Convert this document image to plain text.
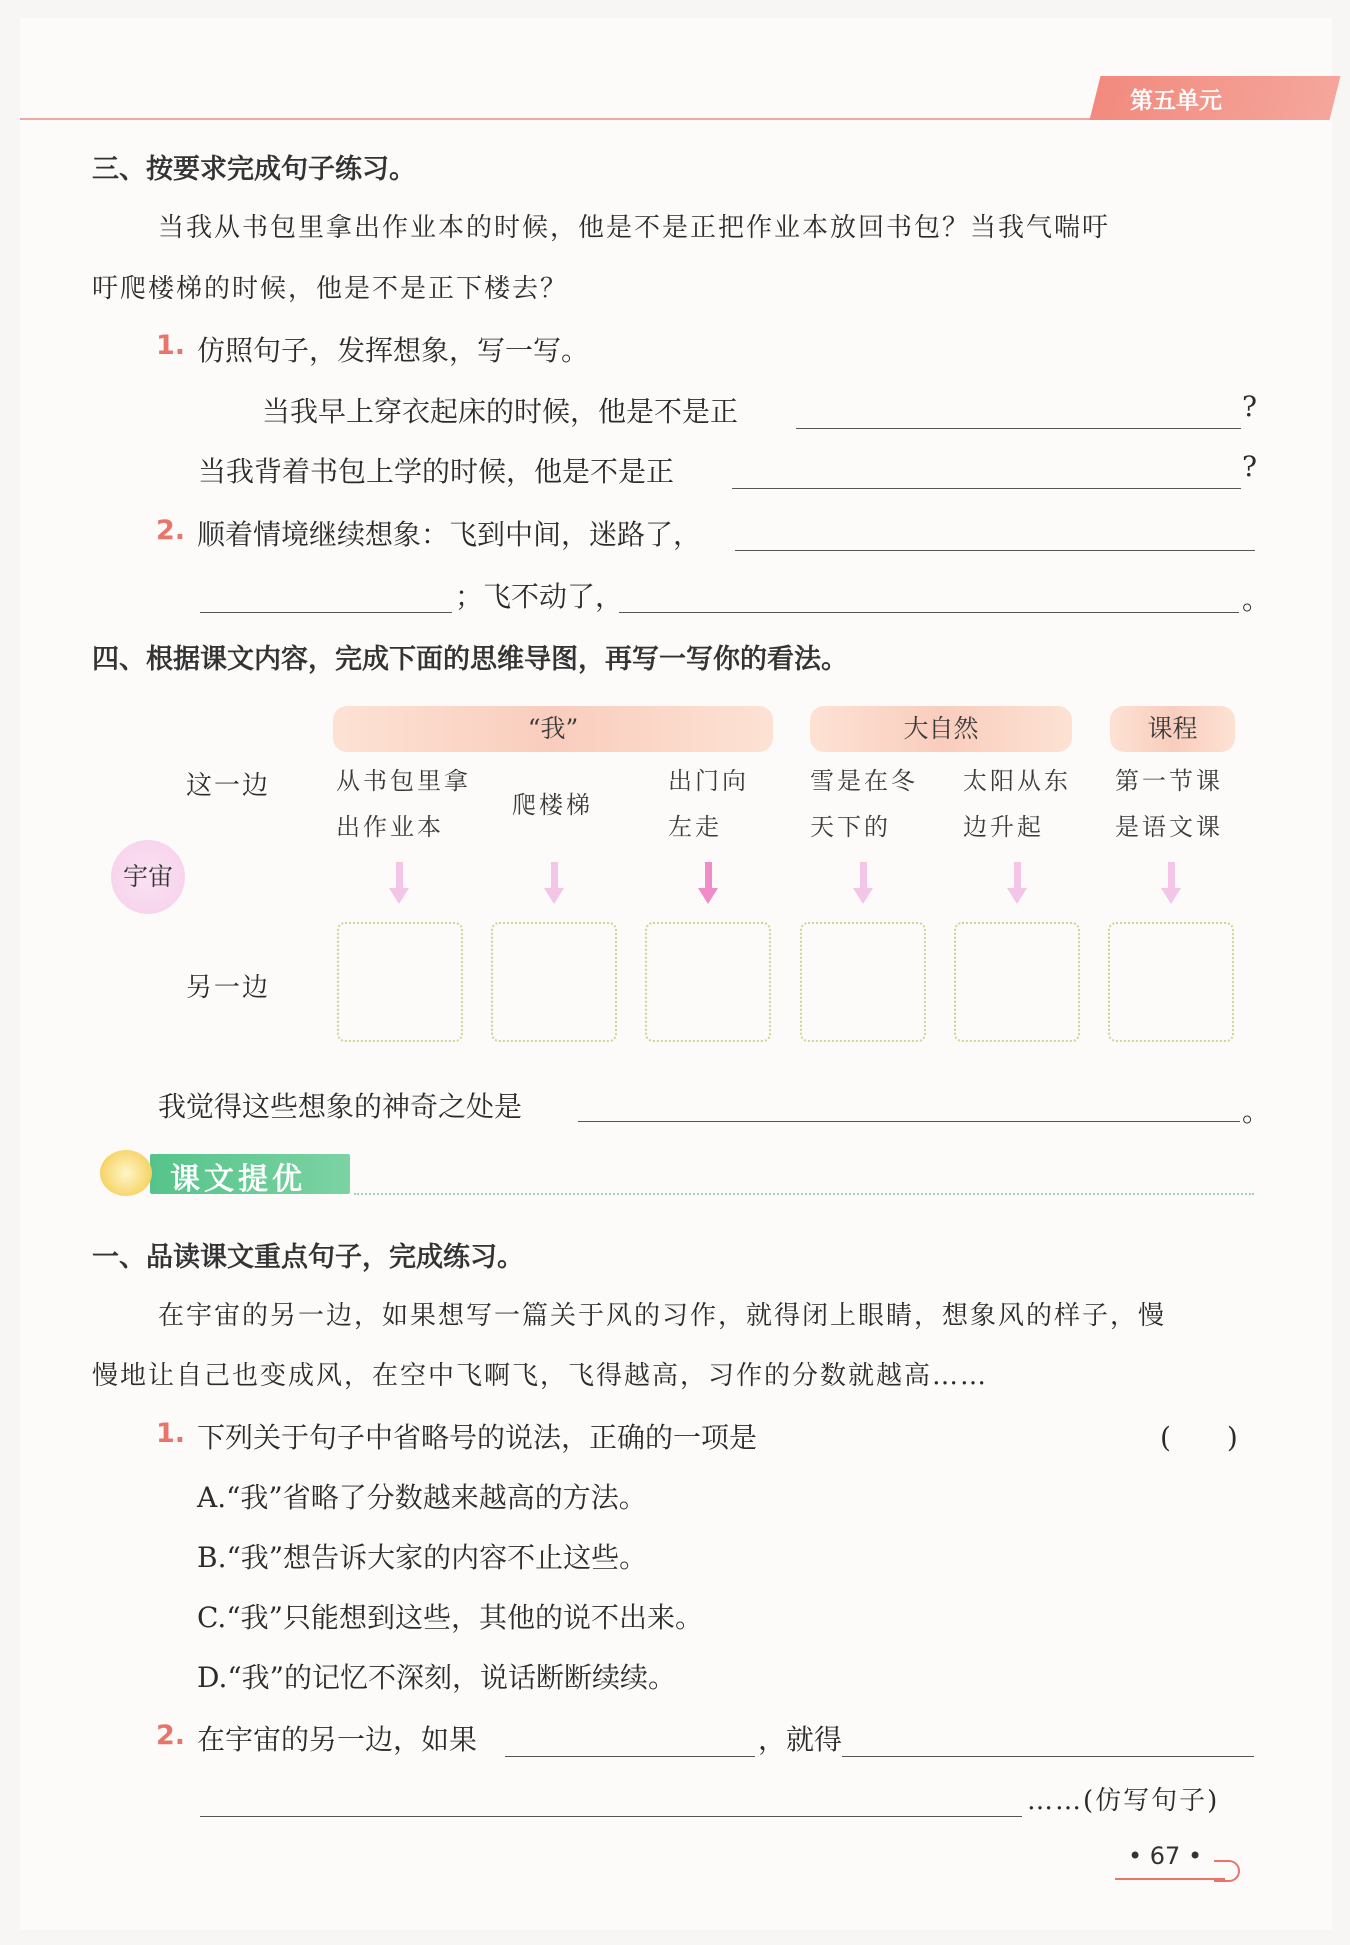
第五单元
三、按要求完成句子练习。
当我从书包里拿出作业本的时候，他是不是正把作业本放回书包？当我气喘吁
吁爬楼梯的时候，他是不是正下楼去？
1. 仿照句子，发挥想象，写一写。
当我早上穿衣起床的时候，他是不是正	?
当我背着书包上学的时候，他是不是正	?
2. 顺着情境继续想象：飞到中间，迷路了，
；飞不动了，	。
四、根据课文内容，完成下面的思维导图，再写一写你的看法。
“我”	大自然	课程
这一边
另一边
宇宙
从书包里拿
出作业本
爬楼梯
出门向
左走
雪是在冬
天下的
太阳从东
边升起
第一节课
是语文课
我觉得这些想象的神奇之处是	。
课文提优
一、品读课文重点句子，完成练习。
在宇宙的另一边，如果想写一篇关于风的习作，就得闭上眼睛，想象风的样子，慢
慢地让自己也变成风，在空中飞啊飞，飞得越高，习作的分数就越高……
1. 下列关于句子中省略号的说法，正确的一项是	(　　)
A.“我”省略了分数越来越高的方法。
B.“我”想告诉大家的内容不止这些。
C.“我”只能想到这些，其他的说不出来。
D.“我”的记忆不深刻，说话断断续续。
2. 在宇宙的另一边，如果	，就得
……(仿写句子)
• 67 •
